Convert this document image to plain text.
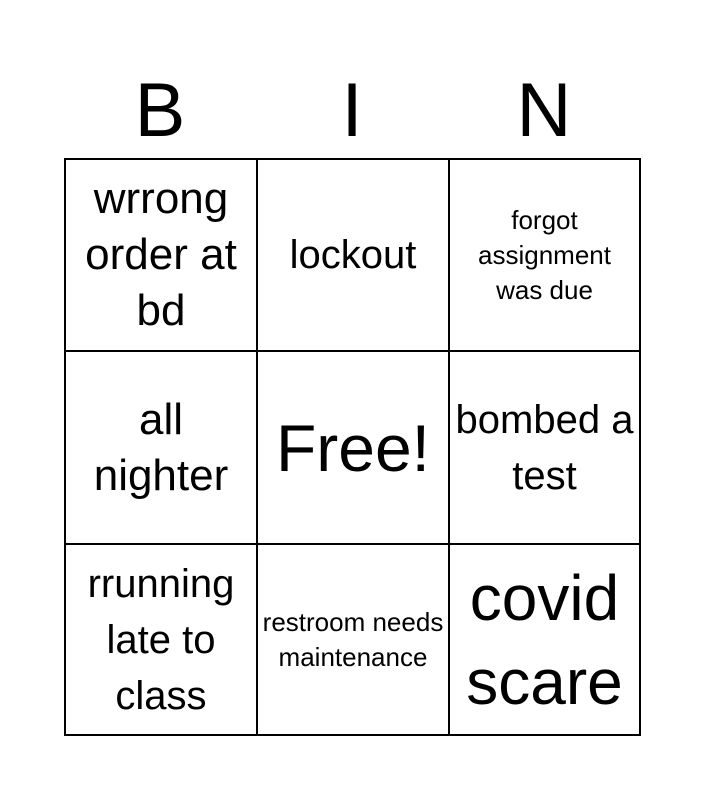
B	I	N
wrrong order at bd
lockout
forgot assignment was due
all nighter Free! bombed a test
rrunning late to class
restroom needs maintenance
covid scare
